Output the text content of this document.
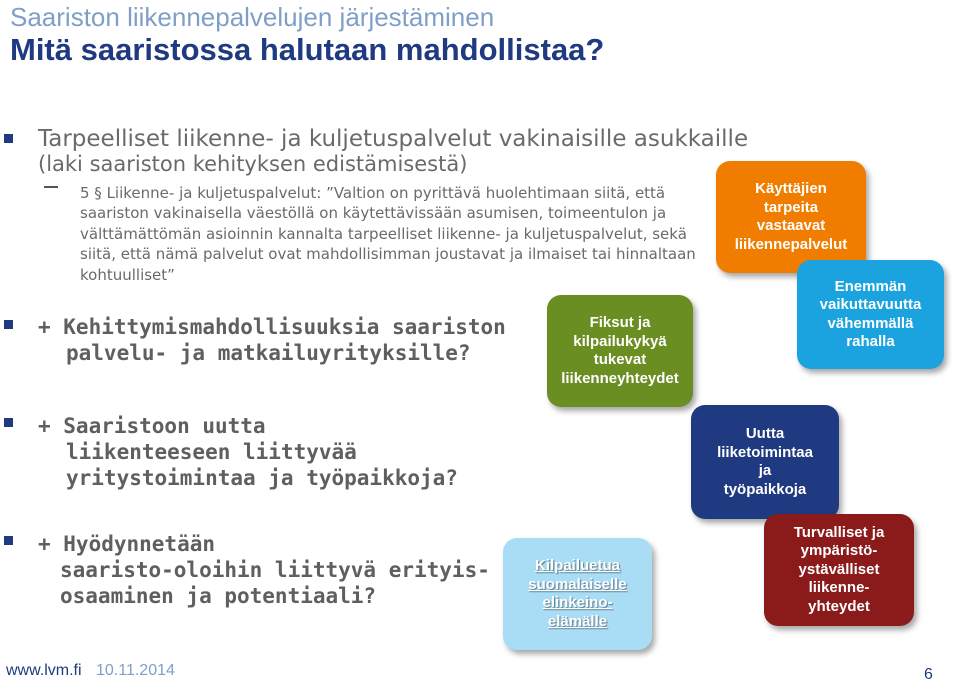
Saariston liikennepalvelujen järjestäminen
Mitä saaristossa halutaan mahdollistaa?
Tarpeelliset liikenne- ja kuljetuspalvelut vakinaisille asukkaille
(laki saariston kehityksen edistämisestä)
5 § Liikenne- ja kuljetuspalvelut: ”Valtion on pyrittävä huolehtimaan siitä, että saariston vakinaisella väestöllä on käytettävissään asumisen, toimeentulon ja välttämättömän asioinnin kannalta tarpeelliset liikenne- ja kuljetuspalvelut, sekä siitä, että nämä palvelut ovat mahdollisimman joustavat ja ilmaiset tai hinnaltaan kohtuulliset”
+ Kehittymismahdollisuuksia saariston
palvelu- ja matkailuyrityksille?
+ Saaristoon uutta
liikenteeseen liittyvää
yritystoimintaa ja työpaikkoja?
+ Hyödynnetään
saaristo-oloihin liittyvä erityis-
osaaminen ja potentiaali?
Käyttäjien
tarpeita
vastaavat
liikennepalvelut
Enemmän
vaikuttavuutta
vähemmällä
rahalla
Fiksut ja
kilpailukykyä
tukevat
liikenneyhteydet
Uutta
liiketoimintaa
ja
työpaikkoja
Kilpailuetua
suomalaiselle
elinkeino-
elämälle
Turvalliset ja
ympäristö-
ystävälliset
liikenne-
yhteydet
www.lvm.fi 10.11.2014	6
